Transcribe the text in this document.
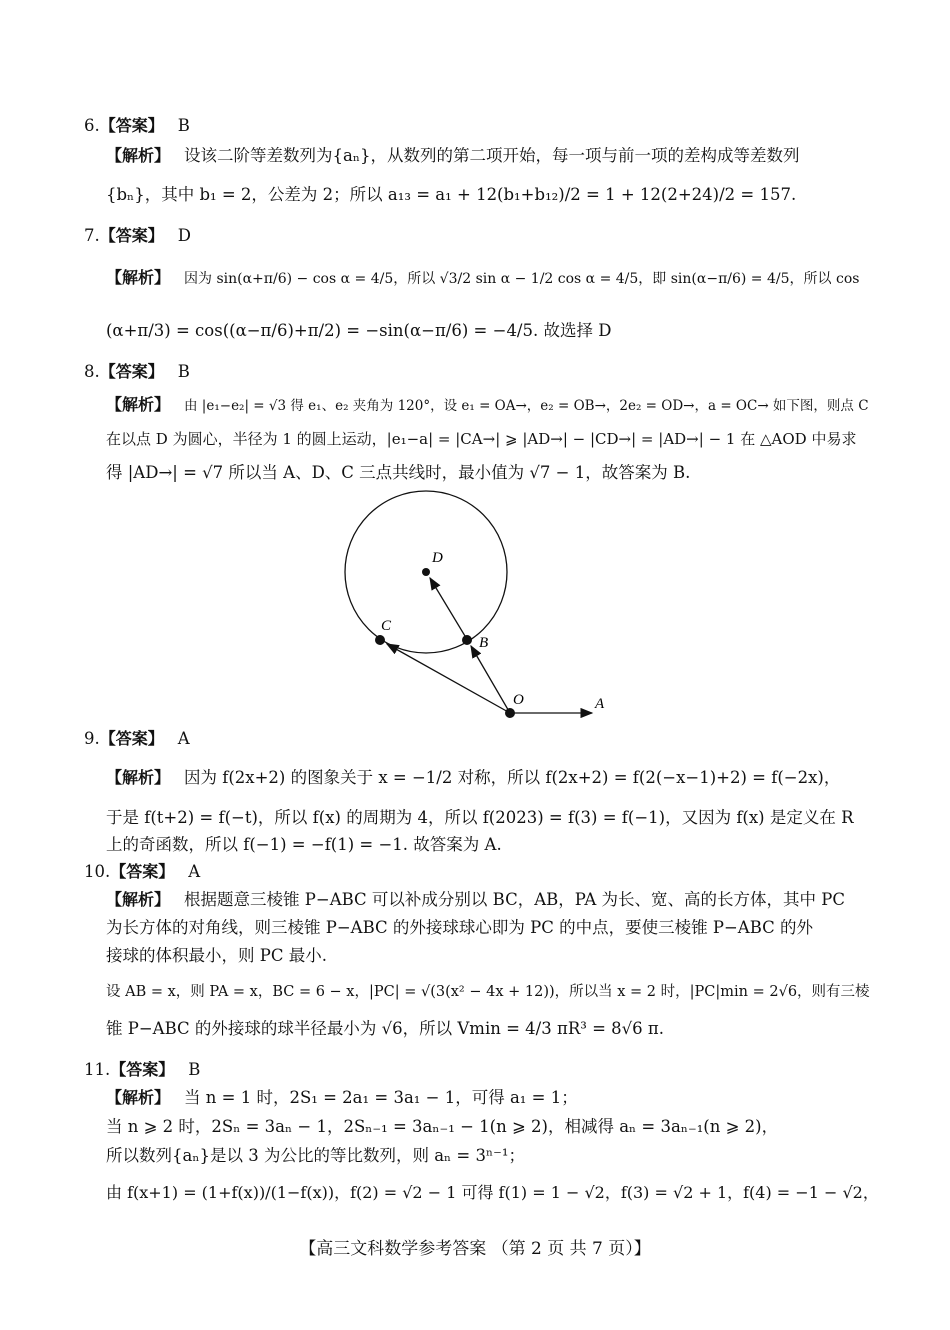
6.【答案】 B
【解析】 设该二阶等差数列为{aₙ}，从数列的第二项开始，每一项与前一项的差构成等差数列
{bₙ}，其中 b₁ = 2，公差为 2；所以 a₁₃ = a₁ + 12(b₁+b₁₂)/2 = 1 + 12(2+24)/2 = 157.
7.【答案】 D
【解析】 因为 sin(α+π/6) − cos α = 4/5，所以 √3/2 sin α − 1/2 cos α = 4/5，即 sin(α−π/6) = 4/5，所以 cos
(α+π/3) = cos((α−π/6)+π/2) = −sin(α−π/6) = −4/5. 故选择 D
8.【答案】 B
【解析】 由 |e₁−e₂| = √3 得 e₁、e₂ 夹角为 120°，设 e₁ = OA→，e₂ = OB→，2e₂ = OD→，a = OC→ 如下图，则点 C
在以点 D 为圆心，半径为 1 的圆上运动，|e₁−a| = |CA→| ⩾ |AD→| − |CD→| = |AD→| − 1 在 △AOD 中易求
得 |AD→| = √7 所以当 A、D、C 三点共线时，最小值为 √7 − 1，故答案为 B.
D
C
B
O	A
9.【答案】 A
【解析】 因为 f(2x+2) 的图象关于 x = −1/2 对称，所以 f(2x+2) = f(2(−x−1)+2) = f(−2x)，
于是 f(t+2) = f(−t)，所以 f(x) 的周期为 4，所以 f(2023) = f(3) = f(−1)，又因为 f(x) 是定义在 R
上的奇函数，所以 f(−1) = −f(1) = −1. 故答案为 A.
10.【答案】 A
【解析】 根据题意三棱锥 P−ABC 可以补成分别以 BC，AB，PA 为长、宽、高的长方体，其中 PC
为长方体的对角线，则三棱锥 P−ABC 的外接球球心即为 PC 的中点，要使三棱锥 P−ABC 的外
接球的体积最小，则 PC 最小.
设 AB = x，则 PA = x，BC = 6 − x，|PC| = √(3(x² − 4x + 12))，所以当 x = 2 时，|PC|min = 2√6，则有三棱
锥 P−ABC 的外接球的球半径最小为 √6，所以 Vmin = 4/3 πR³ = 8√6 π.
11.【答案】 B
【解析】 当 n = 1 时，2S₁ = 2a₁ = 3a₁ − 1，可得 a₁ = 1；
当 n ⩾ 2 时，2Sₙ = 3aₙ − 1，2Sₙ₋₁ = 3aₙ₋₁ − 1(n ⩾ 2)，相减得 aₙ = 3aₙ₋₁(n ⩾ 2)，
所以数列{aₙ}是以 3 为公比的等比数列，则 aₙ = 3ⁿ⁻¹；
由 f(x+1) = (1+f(x))/(1−f(x))，f(2) = √2 − 1 可得 f(1) = 1 − √2，f(3) = √2 + 1，f(4) = −1 − √2，
【高三文科数学参考答案 （第 2 页 共 7 页）】
